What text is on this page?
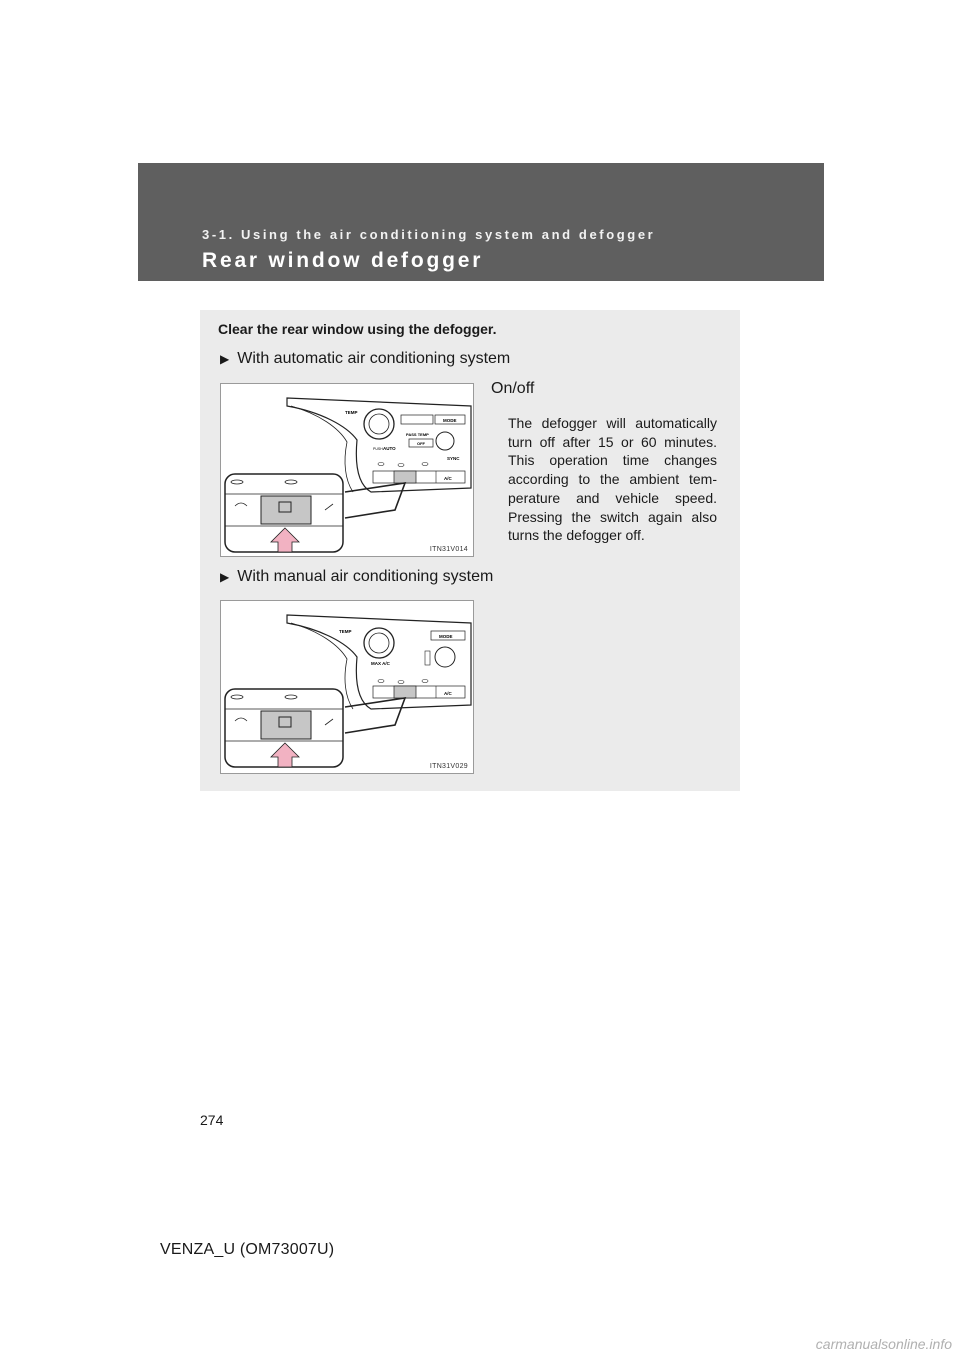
3-1. Using the air conditioning system and defogger
Rear window defogger
Clear the rear window using the defogger.
▶ With automatic air conditioning system
TEMP
MODE
PASS TEMP
OFF
PUSH AUTO
SYNC
A/C
ITN31V014
On/off
The defogger will automatically turn off after 15 or 60 minutes. This operation time changes according to the ambient tem-perature and vehicle speed. Pressing the switch again also turns the defogger off.
▶ With manual air conditioning system
TEMP
MODE
MAX A/C
A/C
ITN31V029
274
VENZA_U (OM73007U)
carmanualsonline.info
